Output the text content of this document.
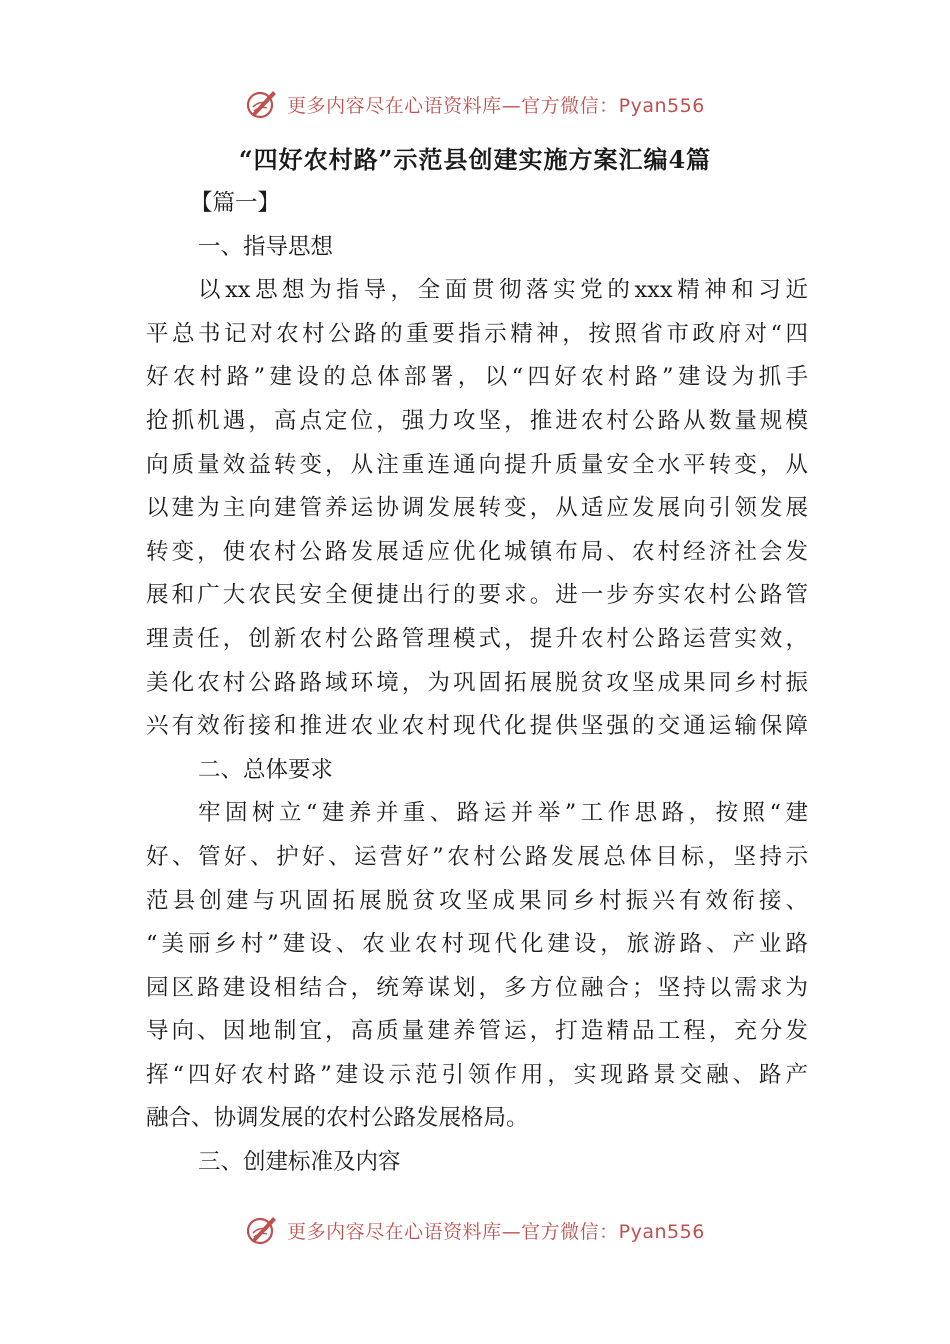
更多内容尽在心语资料库—官方微信：Pyan556
“四好农村路”示范县创建实施方案汇编4篇
【篇一】
一、指导思想
以xx思想为指导，全面贯彻落实党的xxx精神和习近
平总书记对农村公路的重要指示精神，按照省市政府对“四
好农村路”建设的总体部署，以“四好农村路”建设为抓手
抢抓机遇，高点定位，强力攻坚，推进农村公路从数量规模
向质量效益转变，从注重连通向提升质量安全水平转变，从
以建为主向建管养运协调发展转变，从适应发展向引领发展
转变，使农村公路发展适应优化城镇布局、农村经济社会发
展和广大农民安全便捷出行的要求。进一步夯实农村公路管
理责任，创新农村公路管理模式，提升农村公路运营实效，
美化农村公路路域环境，为巩固拓展脱贫攻坚成果同乡村振
兴有效衔接和推进农业农村现代化提供坚强的交通运输保障
二、总体要求
牢固树立“建养并重、路运并举”工作思路，按照“建
好、管好、护好、运营好”农村公路发展总体目标，坚持示
范县创建与巩固拓展脱贫攻坚成果同乡村振兴有效衔接、
“美丽乡村”建设、农业农村现代化建设，旅游路、产业路
园区路建设相结合，统筹谋划，多方位融合；坚持以需求为
导向、因地制宜，高质量建养管运，打造精品工程，充分发
挥“四好农村路”建设示范引领作用，实现路景交融、路产
融合、协调发展的农村公路发展格局。
三、创建标准及内容
更多内容尽在心语资料库—官方微信：Pyan556
